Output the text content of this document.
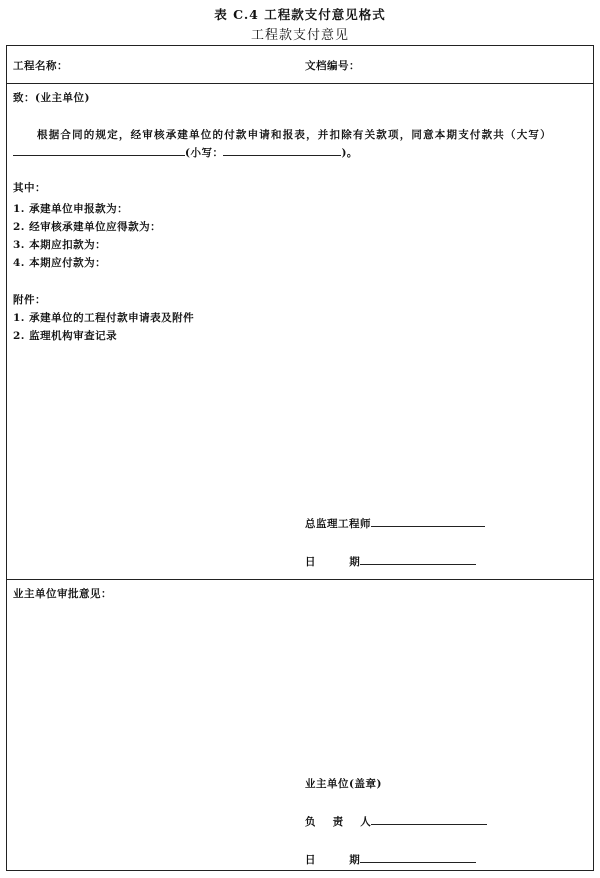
表 C.4 工程款支付意见格式
工程款支付意见
工程名称：	文档编号：
致：(业主单位)
根据合同的规定，经审核承建单位的付款申请和报表，并扣除有关款项，同意本期支付款共（大写）
(小写：	)。
其中：
1. 承建单位申报款为：
2. 经审核承建单位应得款为：
3. 本期应扣款为：
4. 本期应付款为：
附件：
1. 承建单位的工程付款申请表及附件
2. 监理机构审查记录
总监理工程师
日        期
业主单位审批意见：
业主单位(盖章)
负    责    人
日        期
